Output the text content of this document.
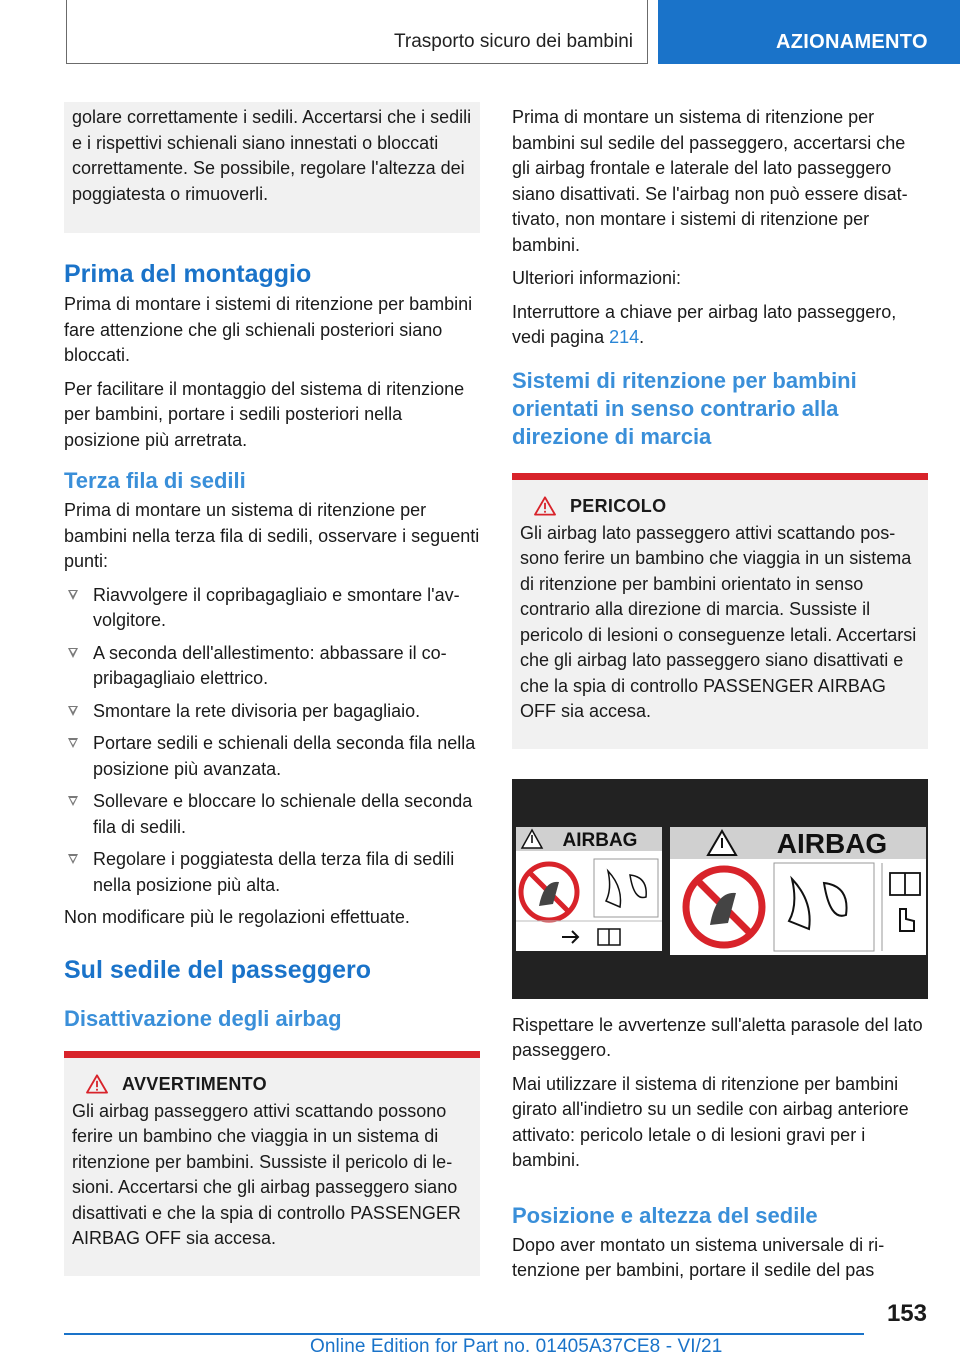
Trasporto sicuro dei bambini	AZIONAMENTO

golare correttamente i sedili. Accertarsi che i sedili e i rispettivi schienali siano innestati o bloccati correttamente. Se possibile, regolare l'altezza dei poggiatesta o rimuoverli.

Prima del montaggio

Prima di montare i sistemi di ritenzione per bambini fare attenzione che gli schienali posteriori siano bloccati.

Per facilitare il montaggio del sistema di ritenzione per bambini, portare i sedili posteriori nella posizione più arretrata.

Terza fila di sedili

Prima di montare un sistema di ritenzione per bambini nella terza fila di sedili, osservare i seguenti punti:

Riavvolgere il copribagagliaio e smontare l'avvolgitore.
A seconda dell'allestimento: abbassare il copribagagliaio elettrico.
Smontare la rete divisoria per bagagliaio.
Portare sedili e schienali della seconda fila nella posizione più avanzata.
Sollevare e bloccare lo schienale della seconda fila di sedili.
Regolare i poggiatesta della terza fila di sedili nella posizione più alta.

Non modificare più le regolazioni effettuate.

Sul sedile del passeggero
Disattivazione degli airbag
AVVERTIMENTO

Gli airbag passeggero attivi scattando possono ferire un bambino che viaggia in un sistema di ritenzione per bambini. Sussiste il pericolo di lesioni. Accertarsi che gli airbag passeggero siano disattivati e che la spia di controllo PASSENGER AIRBAG OFF sia accesa.

Prima di montare un sistema di ritenzione per bambini sul sedile del passeggero, accertarsi che gli airbag frontale e laterale del lato passeggero siano disattivati. Se l'airbag non può essere disattivato, non montare i sistemi di ritenzione per bambini.

Ulteriori informazioni:

Interruttore a chiave per airbag lato passeggero, vedi pagina 214.

Sistemi di ritenzione per bambini orientati in senso contrario alla direzione di marcia
PERICOLO

Gli airbag lato passeggero attivi scattando possono ferire un bambino che viaggia in un sistema di ritenzione per bambini orientato in senso contrario alla direzione di marcia. Sussiste il pericolo di lesioni o conseguenze letali. Accertarsi che gli airbag lato passeggero siano disattivati e che la spia di controllo PASSENGER AIRBAG OFF sia accesa.

AIRBAG	AIRBAG

Rispettare le avvertenze sull'aletta parasole del lato passeggero.

Mai utilizzare il sistema di ritenzione per bambini girato all'indietro su un sedile con airbag anteriore attivato: pericolo letale o di lesioni gravi per i bambini.

Posizione e altezza del sedile

Dopo aver montato un sistema universale di ritenzione per bambini, portare il sedile del pas

153
Online Edition for Part no. 01405A37CE8 - VI/21
